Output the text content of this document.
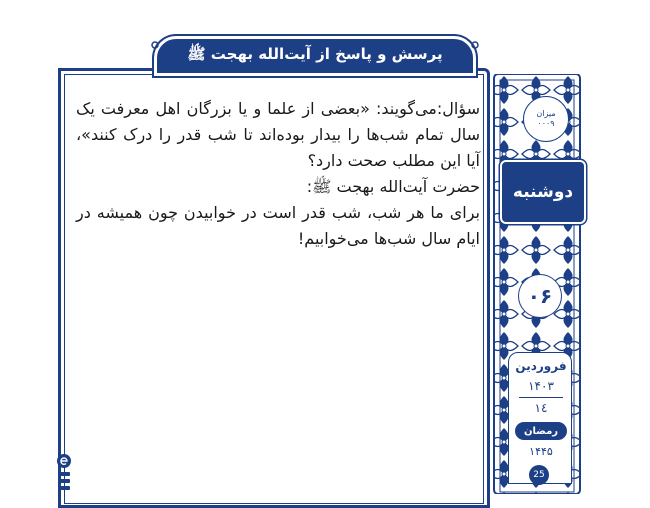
پرسش و پاسخ از آیت‌الله بهجت ﷺ

سؤال:می‌گویند: «بعضی از علما و یا بزرگان اهل معرفت یک سال تمام شب‌ها را بیدار بوده‌اند تا شب قدر را درک کنند»، آیا این مطلب صحت دارد؟

حضرت آیت‌الله بهجت ﷺ:

برای ما هر شب، شب قدر است در خوابیدن چون همیشه در ایام سال شب‌ها می‌خوابیم!

میزان
۰۰۰۹
دوشنبه
۰۶
فروردین
۱۴۰۳
١٤
رمضان
۱۴۴۵
25
